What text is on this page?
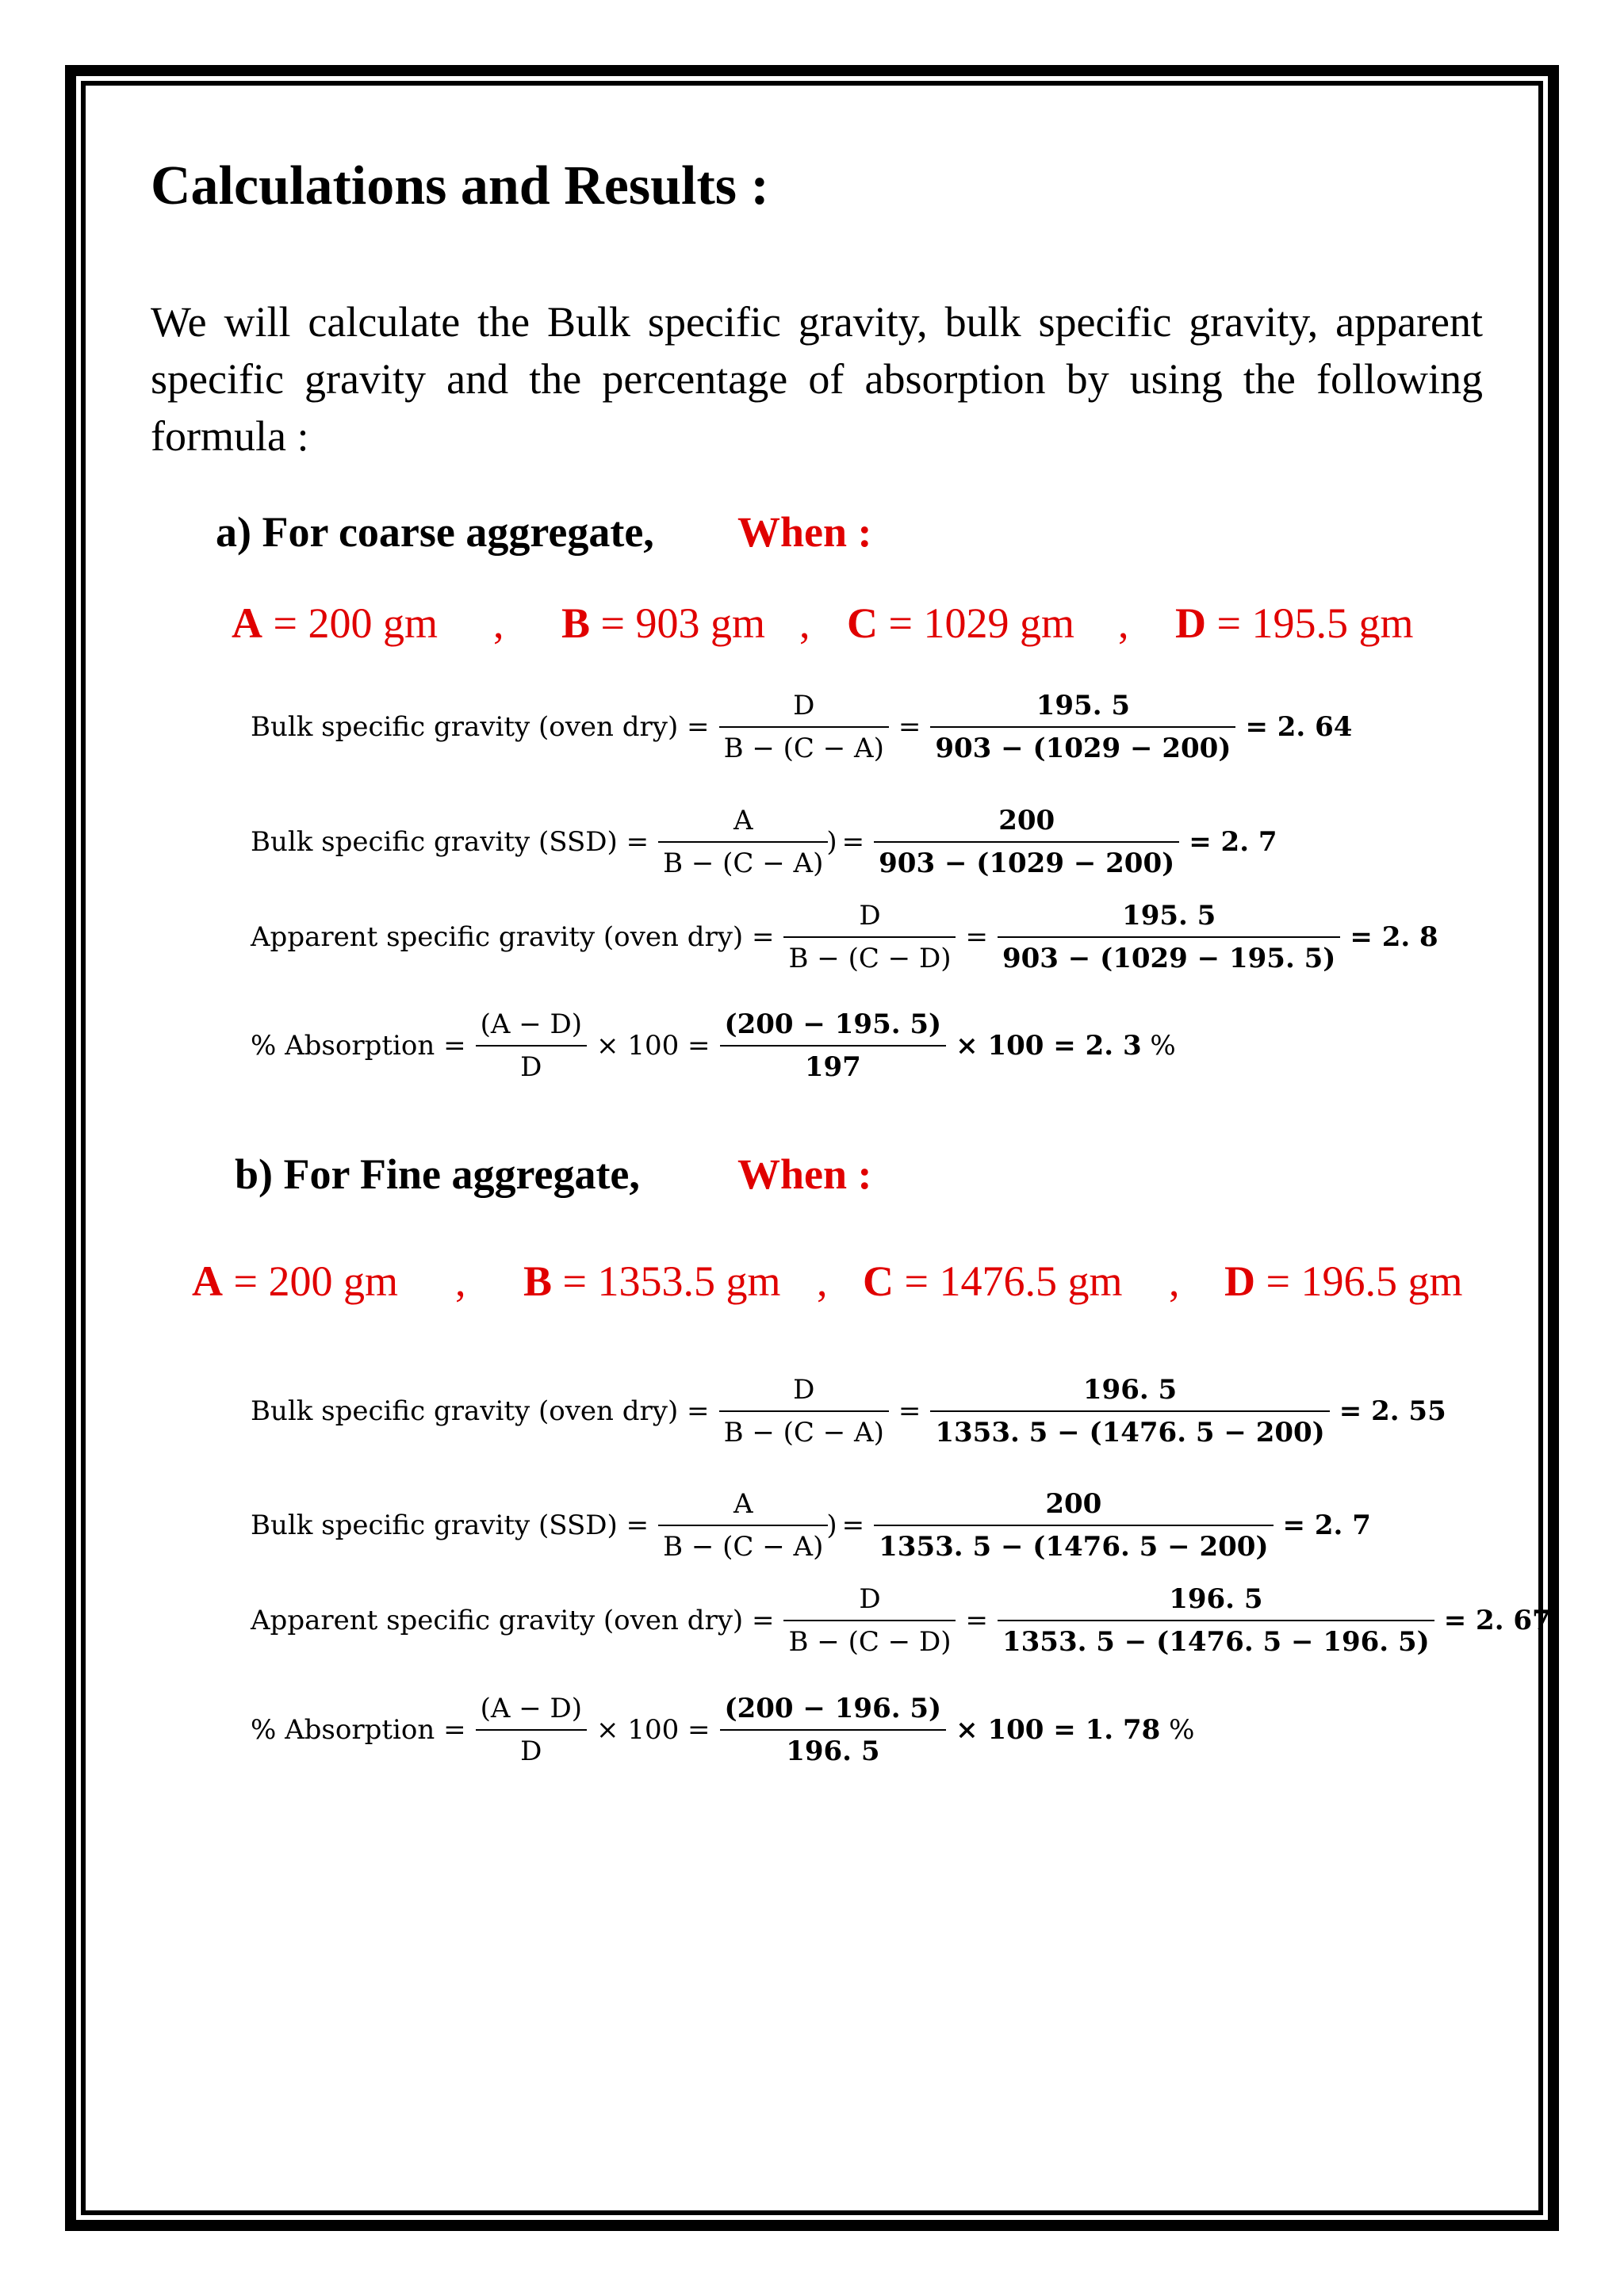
Calculations and Results :
We will calculate the Bulk specific gravity, bulk specific gravity, apparent specific gravity and the percentage of absorption by using the following formula :
a) For coarse aggregate, When :
A = 200 gm , B = 903 gm , C = 1029 gm , D = 195.5 gm
Bulk specific gravity (oven $dry) = \frac{D}{B - (C - A)} = \frac{195. 5}{903 - (1029 - 200)} = 2$. 64
Bulk specific gravity $(SSD) = \frac{A}{B - (C - A)}$
) = $\frac{200}{903 - (1029 - 200)} = 2$. 7
Apparent specific gravity (oven $dry) = \frac{D}{B - (C - D)} = \frac{195. 5}{903 - (1029 - 195. 5)} = 2$. 8
% Absorption = $\frac{(A - D)}{D} \times 100 = \frac{(200 - 195. 5)}{197} \times 100 = 2$. 3 %
b) For Fine aggregate, When :
A = 200 gm , B = 1353.5 gm , C = 1476.5 gm , D = 196.5 gm
Bulk specific gravity (oven $dry) = \frac{D}{B - (C - A)} = \frac{196. 5}{1353. 5 - (1476. 5 - 200)} = 2$. 55
Bulk specific gravity $(SSD) = \frac{A}{B - (C - A)}$
) = $\frac{200}{1353. 5 - (1476. 5 - 200)} = 2$. 7
Apparent specific gravity (oven $dry) = \frac{D}{B - (C - D)} = \frac{196. 5}{1353. 5 - (1476. 5 - 196. 5)} = 2$. 67
% Absorption = $\frac{(A - D)}{D} \times 100 = \frac{(200 - 196. 5)}{196. 5} \times 100 = 1$. 78 %
